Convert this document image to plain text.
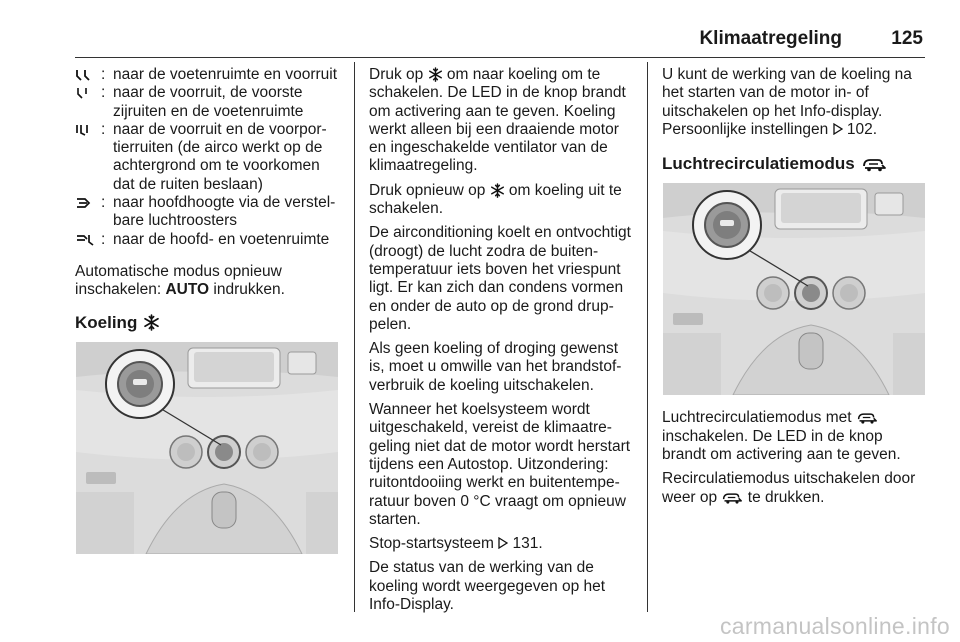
Klimaatregeling	125
: naar de voetenruimte en voorruit
: naar de voorruit, de voorste zijruiten en de voetenruimte
: naar de voorruit en de voorportierruiten (de airco werkt op de achtergrond om te voorkomen dat de ruiten beslaan)
: naar hoofdhoogte via de verstelbare luchtroosters
: naar de hoofd- en voetenruimte

Automatische modus opnieuw inschakelen: AUTO indrukken.

Koeling

Druk op  om naar koeling om te schakelen. De LED in de knop brandt om activering aan te geven. Koeling werkt alleen bij een draaiende motor en ingeschakelde ventilator van de klimaatregeling.

Druk opnieuw op  om koeling uit te schakelen.

De airconditioning koelt en ontvochtigt (droogt) de lucht zodra de buitentemperatuur iets boven het vriespunt ligt. Er kan zich dan condens vormen en onder de auto op de grond druppelen.

Als geen koeling of droging gewenst is, moet u omwille van het brandstofverbruik de koeling uitschakelen.

Wanneer het koelsysteem wordt uitgeschakeld, vereist de klimaatregeling niet dat de motor wordt herstart tijdens een Autostop. Uitzondering: ruitontdooiing werkt en buitentemperatuur boven 0 °C vraagt om opnieuw starten.

Stop-startsysteem  131.

De status van de werking van de koeling wordt weergegeven op het Info-Display.

U kunt de werking van de koeling na het starten van de motor in- of uitschakelen op het Info-display. Persoonlijke instellingen  102.

Luchtrecirculatiemodus

Luchtrecirculatiemodus met  inschakelen. De LED in de knop brandt om activering aan te geven.

Recirculatiemodus uitschakelen door weer op  te drukken.

carmanualsonline.info
